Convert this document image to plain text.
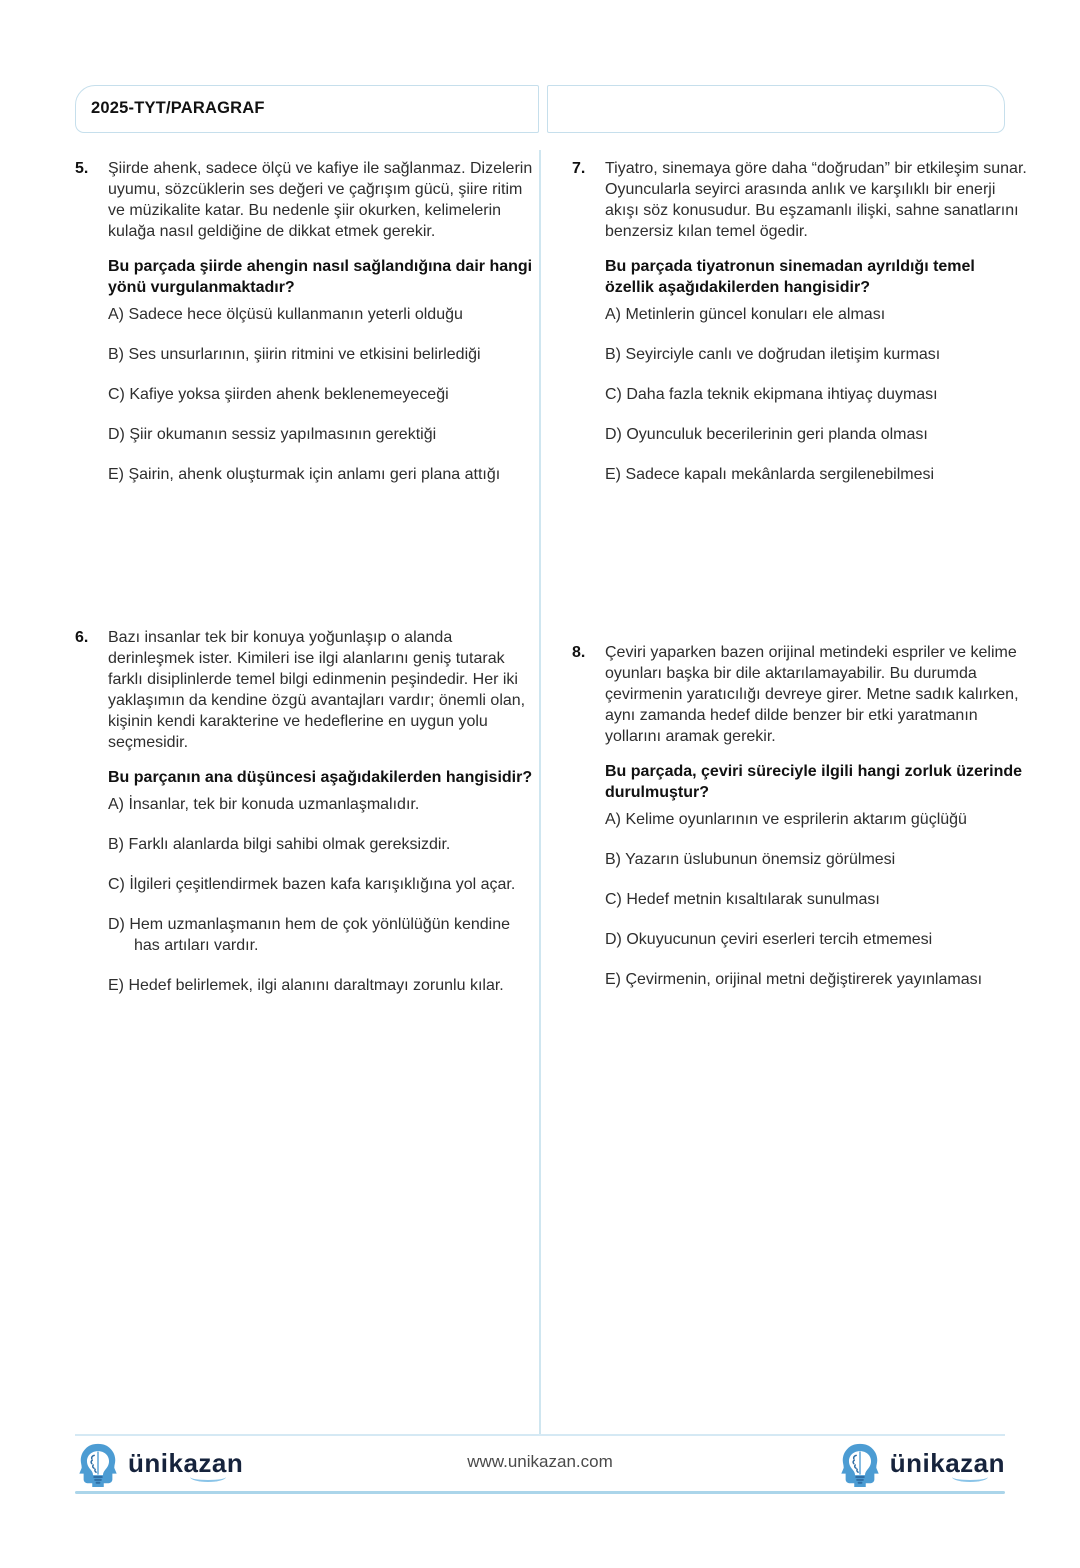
2025-TYT/PARAGRAF
5.	Şiirde ahenk, sadece ölçü ve kafiye ile sağlanmaz. Dizelerin uyumu, sözcüklerin ses değeri ve çağrışım gücü, şiire ritim ve müzikalite katar. Bu nedenle şiir okurken, kelimelerin kulağa nasıl geldiğine de dikkat etmek gerekir.

Bu parçada şiirde ahengin nasıl sağlandığına dair hangi yönü vurgulanmaktadır?

A) Sadece hece ölçüsü kullanmanın yeterli olduğu
B) Ses unsurlarının, şiirin ritmini ve etkisini belirlediği
C) Kafiye yoksa şiirden ahenk beklenemeyeceği
D) Şiir okumanın sessiz yapılmasının gerektiği
E) Şairin, ahenk oluşturmak için anlamı geri plana attığı
6.	Bazı insanlar tek bir konuya yoğunlaşıp o alanda derinleşmek ister. Kimileri ise ilgi alanlarını geniş tutarak farklı disiplinlerde temel bilgi edinmenin peşindedir. Her iki yaklaşımın da kendine özgü avantajları vardır; önemli olan, kişinin kendi karakterine ve hedeflerine en uygun yolu seçmesidir.

Bu parçanın ana düşüncesi aşağıdakilerden hangisidir?

A) İnsanlar, tek bir konuda uzmanlaşmalıdır.
B) Farklı alanlarda bilgi sahibi olmak gereksizdir.
C) İlgileri çeşitlendirmek bazen kafa karışıklığına yol açar.
D) Hem uzmanlaşmanın hem de çok yönlülüğün kendine has artıları vardır.
E) Hedef belirlemek, ilgi alanını daraltmayı zorunlu kılar.
7.	Tiyatro, sinemaya göre daha “doğrudan” bir etkileşim sunar. Oyuncularla seyirci arasında anlık ve karşılıklı bir enerji akışı söz konusudur. Bu eşzamanlı ilişki, sahne sanatlarını benzersiz kılan temel ögedir.

Bu parçada tiyatronun sinemadan ayrıldığı temel özellik aşağıdakilerden hangisidir?

A) Metinlerin güncel konuları ele alması
B) Seyirciyle canlı ve doğrudan iletişim kurması
C) Daha fazla teknik ekipmana ihtiyaç duyması
D) Oyunculuk becerilerinin geri planda olması
E) Sadece kapalı mekânlarda sergilenebilmesi
8.	Çeviri yaparken bazen orijinal metindeki espriler ve kelime oyunları başka bir dile aktarılamayabilir. Bu durumda çevirmenin yaratıcılığı devreye girer. Metne sadık kalırken, aynı zamanda hedef dilde benzer bir etki yaratmanın yollarını aramak gerekir.

Bu parçada, çeviri süreciyle ilgili hangi zorluk üzerinde durulmuştur?

A) Kelime oyunlarının ve esprilerin aktarım güçlüğü
B) Yazarın üslubunun önemsiz görülmesi
C) Hedef metnin kısaltılarak sunulması
D) Okuyucunun çeviri eserleri tercih etmemesi
E) Çevirmenin, orijinal metni değiştirerek yayınlaması
ünikazan	www.unikazan.com	ünikazan
